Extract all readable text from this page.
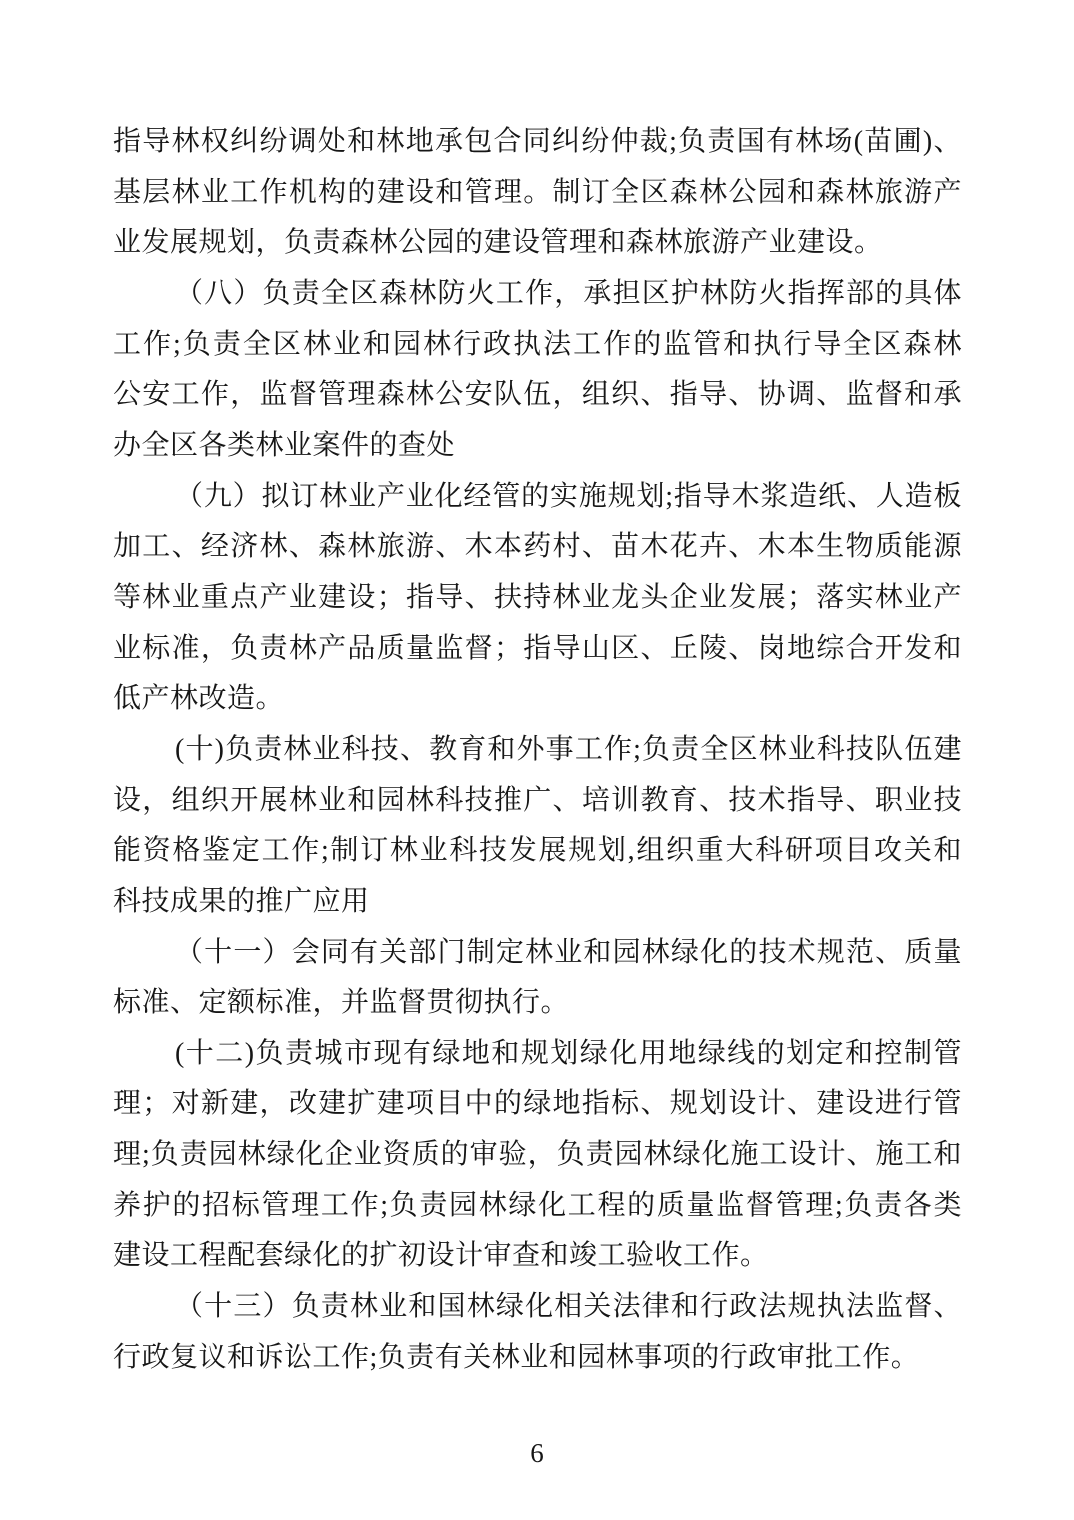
指导林权纠纷调处和林地承包合同纠纷仲裁;负责国有林场(苗圃)、
基层林业工作机构的建设和管理。制订全区森林公园和森林旅游产
业发展规划，负责森林公园的建设管理和森林旅游产业建设。
（八）负责全区森林防火工作，承担区护林防火指挥部的具体
工作;负责全区林业和园林行政执法工作的监管和执行导全区森林
公安工作，监督管理森林公安队伍，组织、指导、协调、监督和承
办全区各类林业案件的查处
（九）拟订林业产业化经管的实施规划;指导木浆造纸、人造板
加工、经济林、森林旅游、木本药村、苗木花卉、木本生物质能源
等林业重点产业建设；指导、扶持林业龙头企业发展；落实林业产
业标准，负责林产品质量监督；指导山区、丘陵、岗地综合开发和
低产林改造。
(十)负责林业科技、教育和外事工作;负责全区林业科技队伍建
设，组织开展林业和园林科技推广、培训教育、技术指导、职业技
能资格鉴定工作;制订林业科技发展规划,组织重大科研项目攻关和
科技成果的推广应用
（十一）会同有关部门制定林业和园林绿化的技术规范、质量
标准、定额标准，并监督贯彻执行。
(十二)负责城市现有绿地和规划绿化用地绿线的划定和控制管
理；对新建，改建扩建项目中的绿地指标、规划设计、建设进行管
理;负责园林绿化企业资质的审验，负责园林绿化施工设计、施工和
养护的招标管理工作;负责园林绿化工程的质量监督管理;负责各类
建设工程配套绿化的扩初设计审查和竣工验收工作。
（十三）负责林业和国林绿化相关法律和行政法规执法监督、
行政复议和诉讼工作;负责有关林业和园林事项的行政审批工作。
6
